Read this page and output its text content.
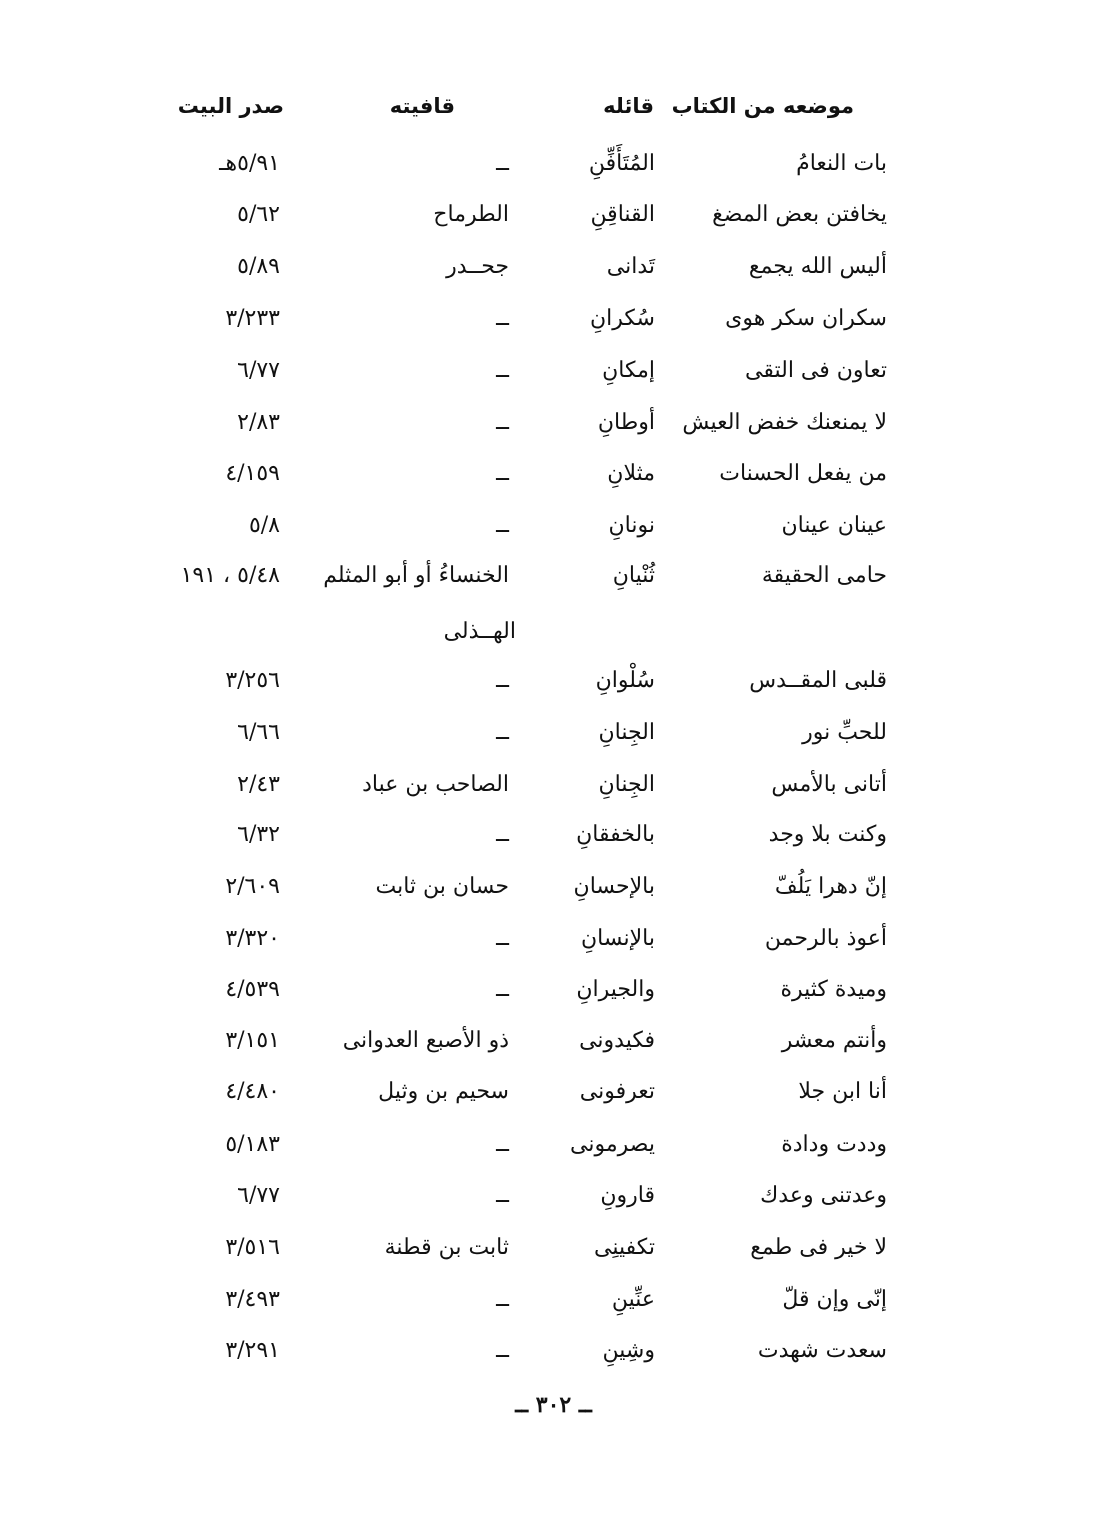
صدر البيت	قافيته	قائله موضعه من الكتاب
بات النعامُ
المُتَأَفِّنِ
ــ
٥/٩١هـ
يخافتن بعض المضغ
القناقِنِ
الطرماح
٥/٦٢
أليس الله يجمع
تَدانى
جحــدر
٥/٨٩
سكران سكر هوى
سُكرانِ
ــ
٣/٢٣٣
تعاون فى التقى
إمكانِ
ــ
٦/٧٧
لا يمنعنك خفض العيش
أوطانِ
ــ
٢/٨٣
من يفعل الحسنات
مثلانِ
ــ
٤/١٥٩
عينان عينان
نونانِ
ــ
٥/٨
حامى الحقيقة
ثُنْيانِ
الخنساءُ أو أبو المثلم
٥/٤٨ ، ١٩١
قلبى المقــدس
سُلْوانِ
ــ
٣/٢٥٦
للحبِّ نور
الجِنانِ
ــ
٦/٦٦
أتانى بالأمس
الجِنانِ
الصاحب بن عباد
٢/٤٣
وكنت بلا وجد
بالخفقانِ
ــ
٦/٣٢
إنّ دهرا يَلُفّ
بالإحسانِ
حسان بن ثابت
٢/٦٠٩
أعوذ بالرحمن
بالإنسانِ
ــ
٣/٣٢٠
وميدة كثيرة
والجيرانِ
ــ
٤/٥٣٩
وأنتم معشر
فكيدونى
ذو الأصبع العدوانى
٣/١٥١
أنا ابن جلا
تعرفونى
سحيم بن وثيل
٤/٤٨٠
وددت ودادة
يصرمونى
ــ
٥/١٨٣
وعدتنى وعدك
قارونِ
ــ
٦/٧٧
لا خير فى طمع
تكفينِى
ثابت بن قطنة
٣/٥١٦
إنّى وإن قلّ
عنِّينِ
ــ
٣/٤٩٣
سعدت شهدت
وشِينِ
ــ
٣/٢٩١
الهــذلى
ــ ٣٠٢ ــ
